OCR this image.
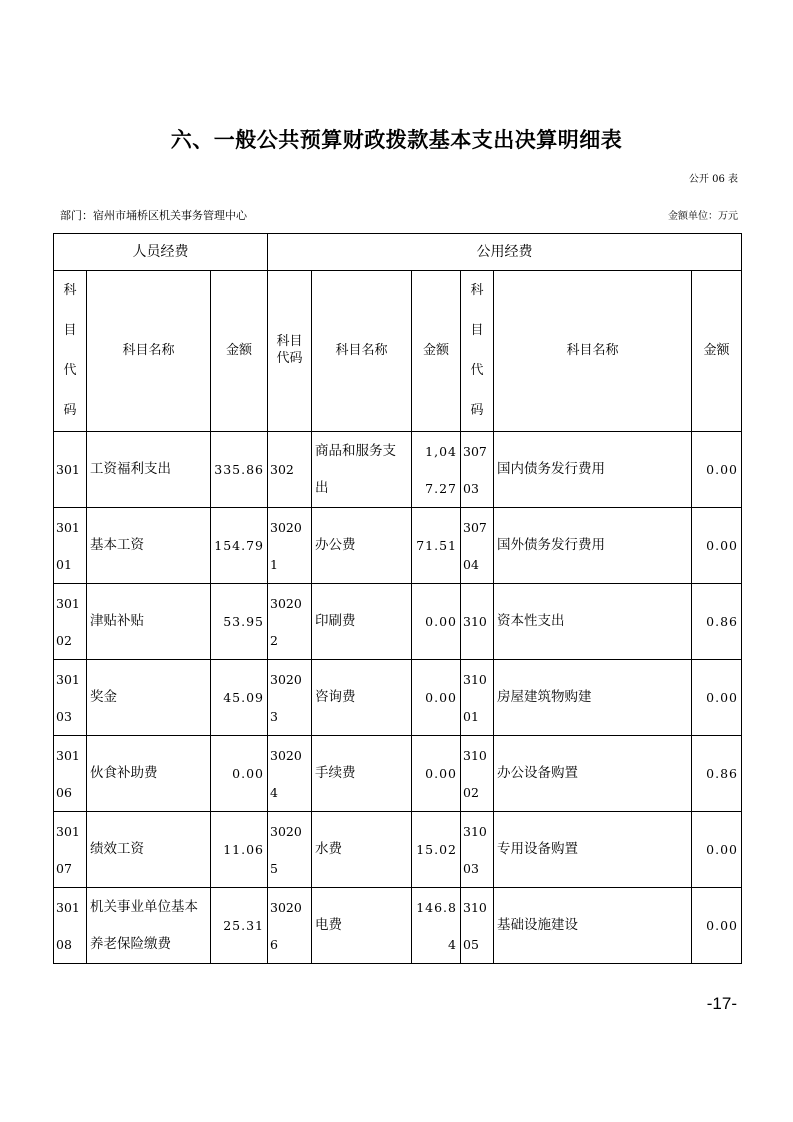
六、一般公共预算财政拨款基本支出决算明细表
公开 06 表
部门：宿州市埇桥区机关事务管理中心	金额单位：万元
人员经费			公用经费					
科目代码	科目名称	金额	科目代码	科目名称	金额	科目代码	科目名称	金额
301	工资福利支出	335.86	302	商品和服务支出	1,047.27	30703	国内债务发行费用	0.00
30101	基本工资	154.79	30201	办公费	71.51	30704	国外债务发行费用	0.00
30102	津贴补贴	53.95	30202	印刷费	0.00	310	资本性支出	0.86
30103	奖金	45.09	30203	咨询费	0.00	31001	房屋建筑物购建	0.00
30106	伙食补助费	0.00	30204	手续费	0.00	31002	办公设备购置	0.86
30107	绩效工资	11.06	30205	水费	15.02	31003	专用设备购置	0.00
30108	机关事业单位基本养老保险缴费	25.31	30206	电费	146.84	31005	基础设施建设	0.00
-17-
